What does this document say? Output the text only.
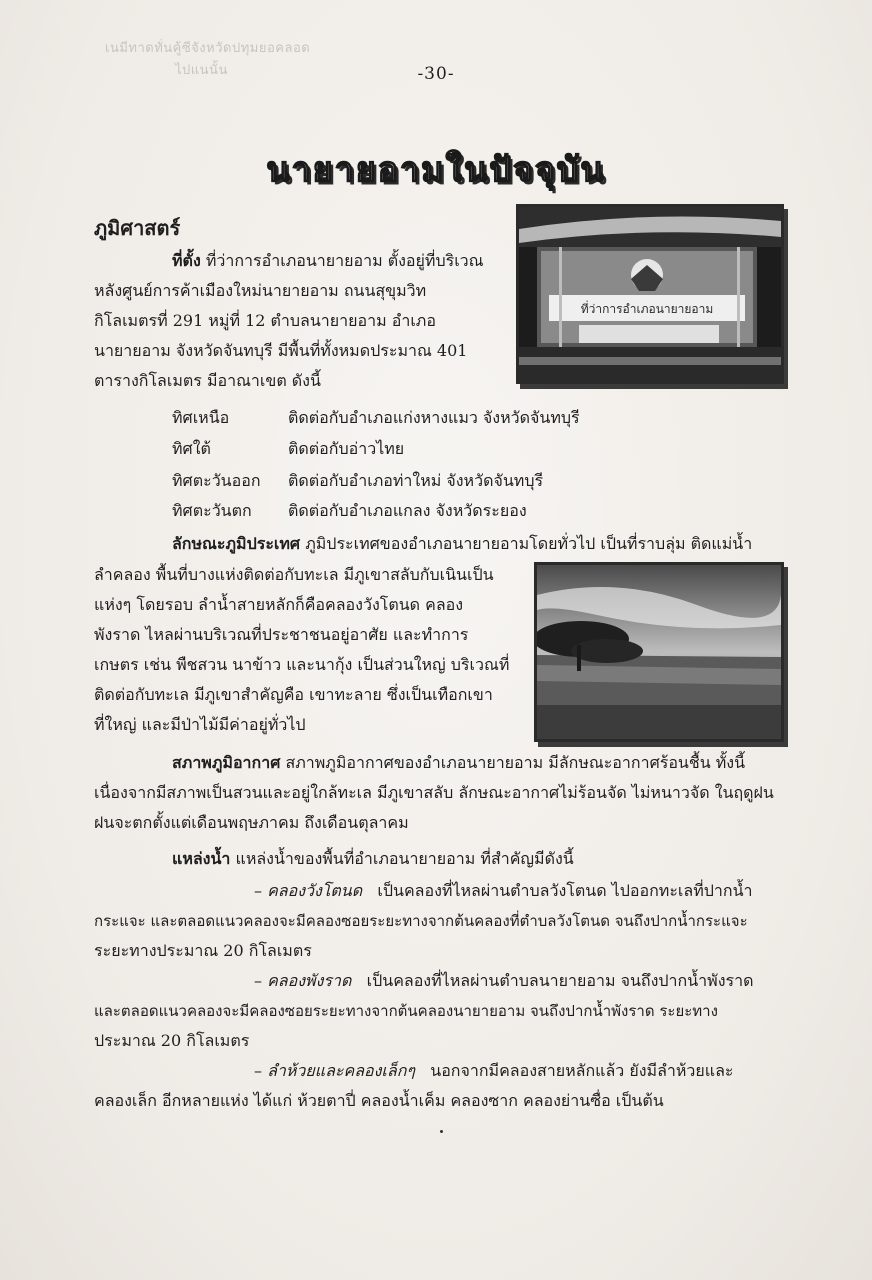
เนมีทาดทั่นคู้ซีจังหวัดปทุมยอคลอด
ไปแนนั้น	-30-
นายายอามในปัจจุบัน
ภูมิศาสตร์
ที่ว่าการอำเภอนายายอาม
ที่ตั้ง ที่ว่าการอำเภอนายายอาม ตั้งอยู่ที่บริเวณ
หลังศูนย์การค้าเมืองใหม่นายายอาม ถนนสุขุมวิท
กิโลเมตรที่ 291 หมู่ที่ 12 ตำบลนายายอาม อำเภอ
นายายอาม จังหวัดจันทบุรี มีพื้นที่ทั้งหมดประมาณ 401
ตารางกิโลเมตร มีอาณาเขต ดังนี้
ทิศเหนือ	ติดต่อกับอำเภอแก่งหางแมว จังหวัดจันทบุรี
ทิศใต้	ติดต่อกับอ่าวไทย
ทิศตะวันออก	ติดต่อกับอำเภอท่าใหม่ จังหวัดจันทบุรี
ทิศตะวันตก	ติดต่อกับอำเภอแกลง จังหวัดระยอง
ลักษณะภูมิประเทศ ภูมิประเทศของอำเภอนายายอามโดยทั่วไป เป็นที่ราบลุ่ม ติดแม่น้ำ
ลำคลอง พื้นที่บางแห่งติดต่อกับทะเล มีภูเขาสลับกับเนินเป็น
แห่งๆ โดยรอบ ลำน้ำสายหลักก็คือคลองวังโตนด คลอง
พังราด ไหลผ่านบริเวณที่ประชาชนอยู่อาศัย และทำการ
เกษตร เช่น พืชสวน นาข้าว และนากุ้ง เป็นส่วนใหญ่ บริเวณที่
ติดต่อกับทะเล มีภูเขาสำคัญคือ เขาทะลาย ซึ่งเป็นเทือกเขา
ที่ใหญ่ และมีป่าไม้มีค่าอยู่ทั่วไป
สภาพภูมิอากาศ สภาพภูมิอากาศของอำเภอนายายอาม มีลักษณะอากาศร้อนชื้น ทั้งนี้
เนื่องจากมีสภาพเป็นสวนและอยู่ใกล้ทะเล มีภูเขาสลับ ลักษณะอากาศไม่ร้อนจัด ไม่หนาวจัด ในฤดูฝน
ฝนจะตกตั้งแต่เดือนพฤษภาคม ถึงเดือนตุลาคม
แหล่งน้ำ แหล่งน้ำของพื้นที่อำเภอนายายอาม ที่สำคัญมีดังนี้
– คลองวังโตนด เป็นคลองที่ไหลผ่านตำบลวังโตนด ไปออกทะเลที่ปากน้ำ
กระแจะ และตลอดแนวคลองจะมีคลองซอยระยะทางจากต้นคลองที่ตำบลวังโตนด จนถึงปากน้ำกระแจะ
ระยะทางประมาณ 20 กิโลเมตร
– คลองพังราด เป็นคลองที่ไหลผ่านตำบลนายายอาม จนถึงปากน้ำพังราด
และตลอดแนวคลองจะมีคลองซอยระยะทางจากต้นคลองนายายอาม จนถึงปากน้ำพังราด ระยะทาง
ประมาณ 20 กิโลเมตร
– ลำห้วยและคลองเล็กๆ นอกจากมีคลองสายหลักแล้ว ยังมีลำห้วยและ
คลองเล็ก อีกหลายแห่ง ได้แก่ ห้วยตาปี่ คลองน้ำเค็ม คลองซาก คลองย่านซื่อ เป็นต้น
